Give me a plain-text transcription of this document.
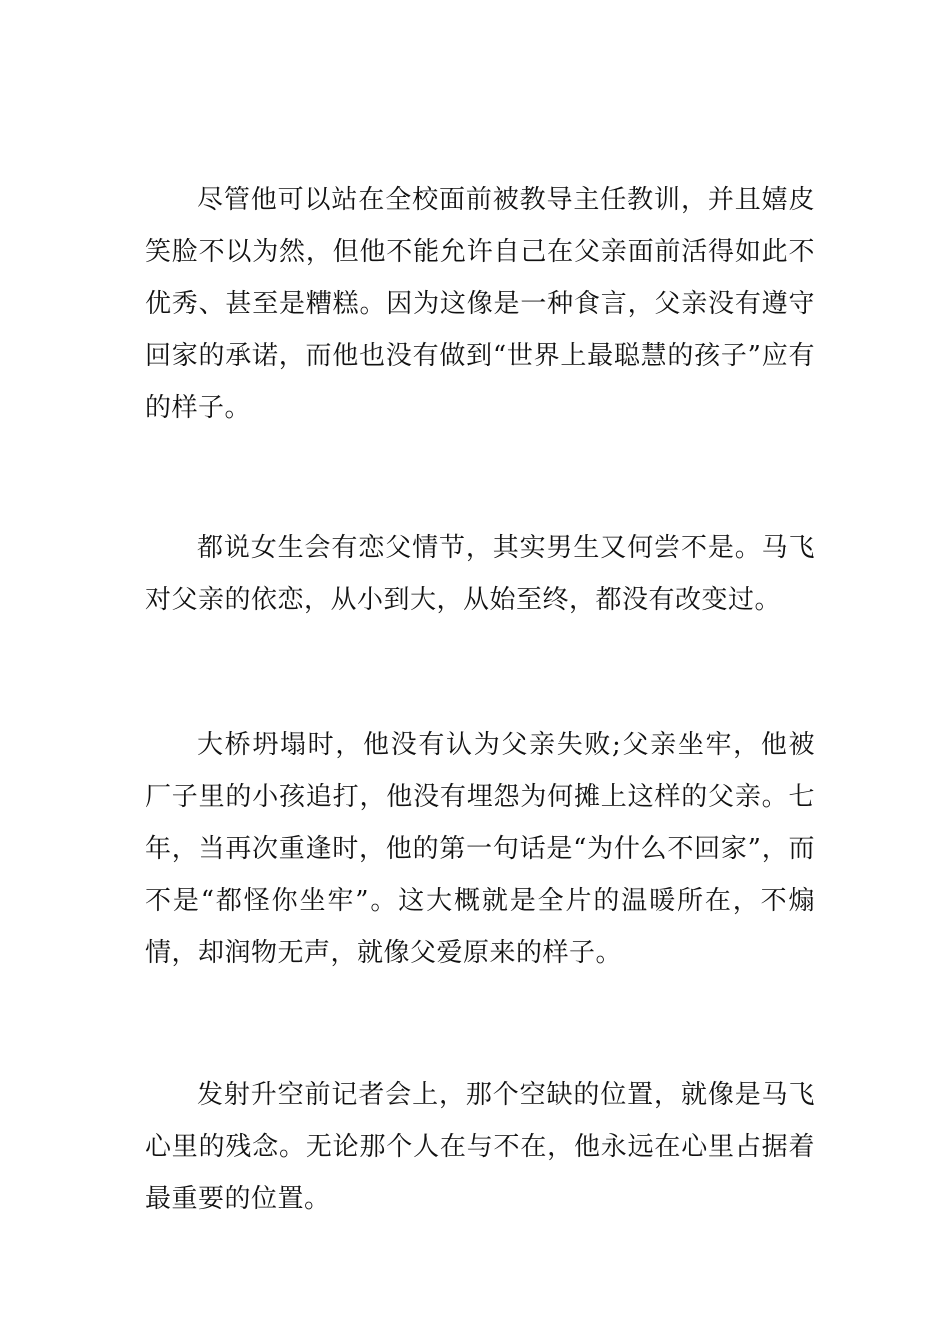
尽管他可以站在全校面前被教导主任教训，并且嬉皮笑脸不以为然，但他不能允许自己在父亲面前活得如此不优秀、甚至是糟糕。因为这像是一种食言，父亲没有遵守回家的承诺，而他也没有做到“世界上最聪慧的孩子”应有的样子。

都说女生会有恋父情节，其实男生又何尝不是。马飞对父亲的依恋，从小到大，从始至终，都没有改变过。

大桥坍塌时，他没有认为父亲失败;父亲坐牢，他被厂子里的小孩追打，他没有埋怨为何摊上这样的父亲。七年，当再次重逢时，他的第一句话是“为什么不回家”，而不是“都怪你坐牢”。这大概就是全片的温暖所在，不煽情，却润物无声，就像父爱原来的样子。

发射升空前记者会上，那个空缺的位置，就像是马飞心里的残念。无论那个人在与不在，他永远在心里占据着最重要的位置。
